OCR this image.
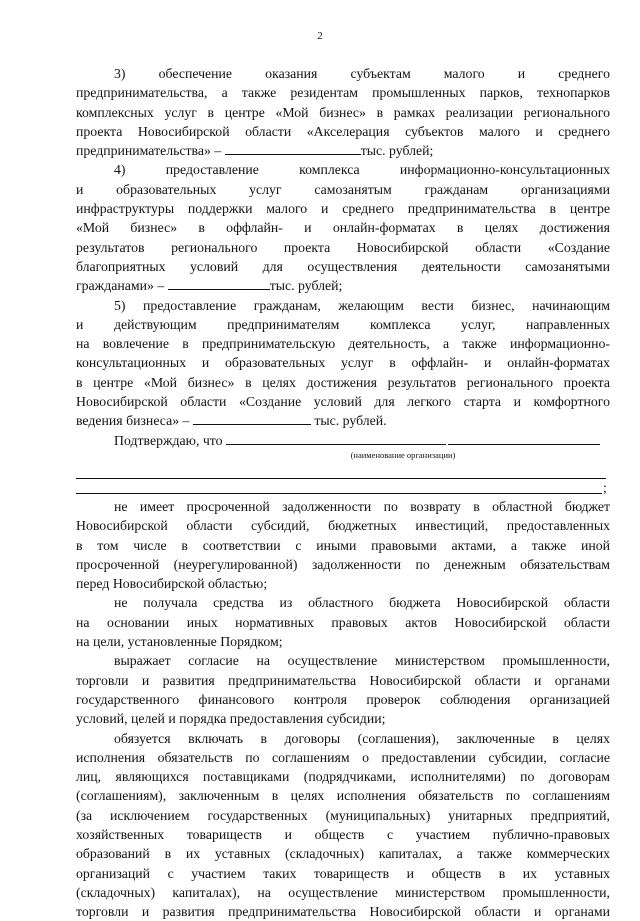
2
3) обеспечение оказания субъектам малого и среднего
предпринимательства, а также резидентам промышленных парков, технопарков
комплексных услуг в центре «Мой бизнес» в рамках реализации регионального
проекта Новосибирской области «Акселерация субъектов малого и среднего
предпринимательства» –	тыс. рублей;
4) предоставление комплекса информационно-консультационных
и образовательных услуг самозанятым гражданам организациями
инфраструктуры поддержки малого и среднего предпринимательства в центре
«Мой бизнес» в оффлайн- и онлайн-форматах в целях достижения
результатов регионального проекта Новосибирской области «Создание
благоприятных условий для осуществления деятельности самозанятыми
гражданами» –	тыс. рублей;
5) предоставление гражданам, желающим вести бизнес, начинающим
и действующим предпринимателям комплекса услуг, направленных
на вовлечение в предпринимательскую деятельность, а также информационно-
консультационных и образовательных услуг в оффлайн- и онлайн-форматах
в центре «Мой бизнес» в целях достижения результатов регионального проекта
Новосибирской области «Создание условий для легкого старта и комфортного
ведения бизнеса» –	тыс. рублей.
Подтверждаю, что
(наименование организации)
;
не имеет просроченной задолженности по возврату в областной бюджет
Новосибирской области субсидий, бюджетных инвестиций, предоставленных
в том числе в соответствии с иными правовыми актами, а также иной
просроченной (неурегулированной) задолженности по денежным обязательствам
перед Новосибирской областью;
не получала средства из областного бюджета Новосибирской области
на основании иных нормативных правовых актов Новосибирской области
на цели, установленные Порядком;
выражает согласие на осуществление министерством промышленности,
торговли и развития предпринимательства Новосибирской области и органами
государственного финансового контроля проверок соблюдения организацией
условий, целей и порядка предоставления субсидии;
обязуется включать в договоры (соглашения), заключенные в целях
исполнения обязательств по соглашениям о предоставлении субсидии, согласие
лиц, являющихся поставщиками (подрядчиками, исполнителями) по договорам
(соглашениям), заключенным в целях исполнения обязательств по соглашениям
(за исключением государственных (муниципальных) унитарных предприятий,
хозяйственных товариществ и обществ с участием публично-правовых
образований в их уставных (складочных) капиталах, а также коммерческих
организаций с участием таких товариществ и обществ в их уставных
(складочных) капиталах), на осуществление министерством промышленности,
торговли и развития предпринимательства Новосибирской области и органами
